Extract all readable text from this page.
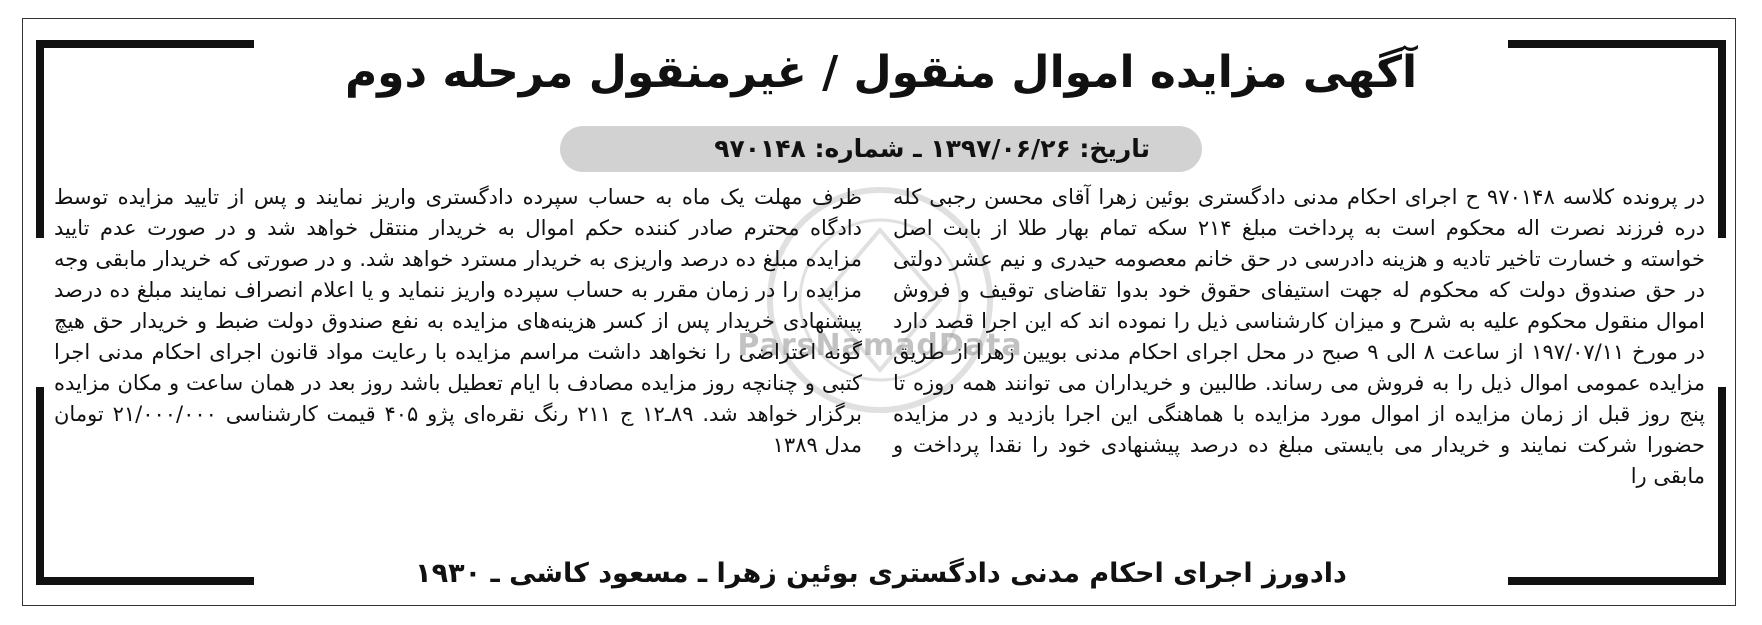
ParsNamadData
آگهی مزایده اموال منقول / غیرمنقول مرحله دوم
تاریخ: ۱۳۹۷/۰۶/۲۶ ـ شماره: ۹۷۰۱۴۸
در پرونده کلاسه ۹۷۰۱۴۸ ح اجرای احکام مدنی دادگستری بوئین زهرا آقای محسن رجبی کله دره فرزند نصرت اله محکوم است به پرداخت مبلغ ۲۱۴ سکه تمام بهار طلا از بابت اصل خواسته و خسارت تاخیر تادیه و هزینه دادرسی در حق خانم معصومه حیدری و نیم عشر دولتی در حق صندوق دولت که محکوم له جهت استیفای حقوق خود بدوا تقاضای توقیف و فروش اموال منقول محکوم علیه به شرح و میزان کارشناسی ذیل را نموده اند که این اجرا قصد دارد در مورخ ۱۹۷/۰۷/۱۱ از ساعت ۸ الی ۹ صبح در محل اجرای احکام مدنی بویین زهرا از طریق مزایده عمومی اموال ذیل را به فروش می رساند. طالبین و خریداران می توانند همه روزه تا پنج روز قبل از زمان مزایده از اموال مورد مزایده با هماهنگی این اجرا بازدید و در مزایده حضورا شرکت نمایند و خریدار می بایستی مبلغ ده درصد پیشنهادی خود را نقدا پرداخت و مابقی را
ظرف مهلت یک ماه به حساب سپرده دادگستری واریز نمایند و پس از تایید مزایده توسط دادگاه محترم صادر کننده حکم اموال به خریدار منتقل خواهد شد و در صورت عدم تایید مزایده مبلغ ده درصد واریزی به خریدار مسترد خواهد شد. و در صورتی که خریدار مابقی وجه مزایده را در زمان مقرر به حساب سپرده واریز ننماید و یا اعلام انصراف نمایند مبلغ ده درصد پیشنهادی خریدار پس از کسر هزینه‌های مزایده به نفع صندوق دولت ضبط و خریدار حق هیچ گونه اعتراضی را نخواهد داشت مراسم مزایده با رعایت مواد قانون اجرای احکام مدنی اجرا کتبی و چنانچه روز مزایده مصادف با ایام تعطیل باشد روز بعد در همان ساعت و مکان مزایده برگزار خواهد شد. ۸۹ـ۱۲ ج ۲۱۱ رنگ نقره‌ای پژو ۴۰۵ قیمت کارشناسی ۲۱/۰۰۰/۰۰۰ تومان مدل ۱۳۸۹
دادورز اجرای احکام مدنی دادگستری بوئین زهرا ـ مسعود کاشی ـ ۱۹۳۰
